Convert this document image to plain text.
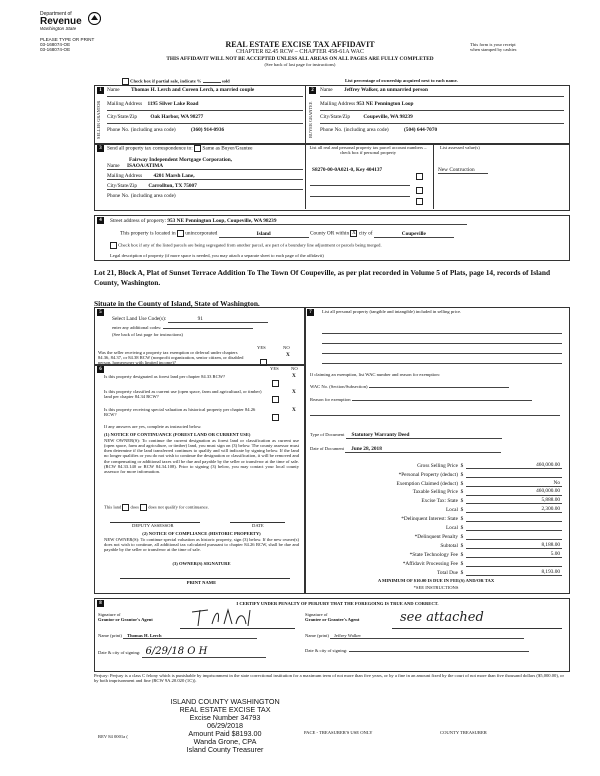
Department of
Revenue
Washington State
PLEASE TYPE OR PRINT
03-168074-OE
03-168074-OE
REAL ESTATE EXCISE TAX AFFIDAVIT
CHAPTER 82.45 RCW – CHAPTER 458-61A WAC
THIS AFFIDAVIT WILL NOT BE ACCEPTED UNLESS ALL AREAS ON ALL PAGES ARE FULLY COMPLETED
(See back of last page for instructions)
This form is your receipt
when stamped by cashier.
Check box if partial sale, indicate %	sold	List percentage of ownership acquired next to each name.
1	2
SELLER GRANTOR	BUYER GRANTEE
Name Thomas H. Lerch and Coreen Lerch, a married couple
Mailing Address 1195 Silver Lake Road
City/State/Zip	Oak Harbor, WA 98277
Phone No. (including area code)	(360) 914-0936
Name Jeffrey Walker, an unmarried person
Mailing Address 953 NE Pennington Loop
City/State/Zip	Coupeville, WA 98239
Phone No. (including area code)	(504) 644-7070
3 Send all property tax correspondence to: Same as Buyer/Grantee
Fairway Independent Mortgage Corporation,
Name ISAOA/ATIMA
Mailing Address 4201 Marsh Lane,
City/State/Zip Carrollton, TX 75007
Phone No. (including area code)
List all real and personal property tax parcel account numbers – check box if personal property
S8270-00-0A021-0, Key 404137
List assessed value(s)
New Contruction
4	Street address of property: 953 NE Pennington Loop, Coupeville, WA 98239
This property is located in unincorporated	Island	County OR within X city of	Coupeville
Check box if any of the listed parcels are being segregated from another parcel, are part of a boundary line adjustment or parcels being merged.
Legal description of property (if more space is needed, you may attach a separate sheet to each page of the affidavit)
Lot 21, Block A, Plat of Sunset Terrace Addition To The Town Of Coupeville, as per plat recorded in Volume 5 of Plats, page 14, records of Island County, Washington.
Situate in the County of Island, State of Washington.
5
Select Land Use Code(s):	91
enter any additional codes:
(See back of last page for instructions)
YES	NO
Was the seller receiving a property tax exemption or deferral under chapters 84.36, 84.37, or 84.38 RCW (nonprofit organization, senior citizen, or disabled person, homeowner with limited income)?
X
6	YES	NO
Is this property designated as forest land per chapter 84.33 RCW?	X
Is this property classified as current use (open space, farm and agricultural, or timber) land per chapter 84.34 RCW?
X
Is this property receiving special valuation as historical property per chapter 84.26 RCW?
X
If any answers are yes, complete as instructed below.
(1) NOTICE OF CONTINUANCE (FOREST LAND OR CURRENT USE)
NEW OWNER(S): To continue the current designation as forest land or classification as current use (open space, farm and agriculture, or timber) land, you must sign on (3) below. The county assessor must then determine if the land transferred continues to qualify and will indicate by signing below. If the land no longer qualifies or you do not wish to continue the designation or classification, it will be removed and the compensating or additional taxes will be due and payable by the seller or transferor at the time of sale. (RCW 84.33.140 or RCW 84.34.108). Prior to signing (3) below, you may contact your local county assessor for more information.
This land does does not qualify for continuance.
DEPUTY ASSESSOR	DATE
(2) NOTICE OF COMPLIANCE (HISTORIC PROPERTY)
NEW OWNER(S): To continue special valuation as historic property, sign (3) below. If the new owner(s) does not wish to continue, all additional tax calculated pursuant to chapter 84.26 RCW, shall be due and payable by the seller or transferor at the time of sale.
(3) OWNER(S) SIGNATURE
PRINT NAME
7	List all personal property (tangible and intangible) included in selling price.
If claiming an exemption, list WAC number and reason for exemption:
WAC No. (Section/Subsection)
Reason for exemption
Type of Document Statutory Warranty Deed
Date of Document June 28, 2018
Gross Selling Price $	460,000.00
*Personal Property (deduct) $
Exemption Claimed (deduct) $	No
Taxable Selling Price $	460,000.00
Excise Tax: State $	5,888.00
Local $	2,300.00
*Delinquent Interest: State $
Local $
*Delinquent Penalty $
Subtotal $	8,188.00
*State Technology Fee $	5.00
*Affidavit Processing Fee $
Total Due $	8,193.00
A MINIMUM OF $10.00 IS DUE IN FEE(S) AND/OR TAX
*SEE INSTRUCTIONS
8	I CERTIFY UNDER PENALTY OF PERJURY THAT THE FOREGOING IS TRUE AND CORRECT.
Signature of
Grantor or Grantor's Agent
Signature of
Grantee or Grantee's Agent	see attached
Name (print) Thomas H. Lerch	Name (print) Jeffrey Walker
Date & city of signing: 6/29/18 O H	Date & city of signing:
Perjury: Perjury is a class C felony which is punishable by imprisonment in the state correctional institution for a maximum term of not more than five years, or by a fine in an amount fixed by the court of not more than five thousand dollars ($5,000.00), or by both imprisonment and fine (RCW 9A.20.020 (1C)).
ISLAND COUNTY WASHINGTON
REAL ESTATE EXCISE TAX
Excise Number 34793
06/29/2018
Amount Paid $8193.00
Wanda Grone, CPA
Island County Treasurer
REV 84 0001a (
PACE - TREASURER'S USE ONLY	COUNTY TREASURER
